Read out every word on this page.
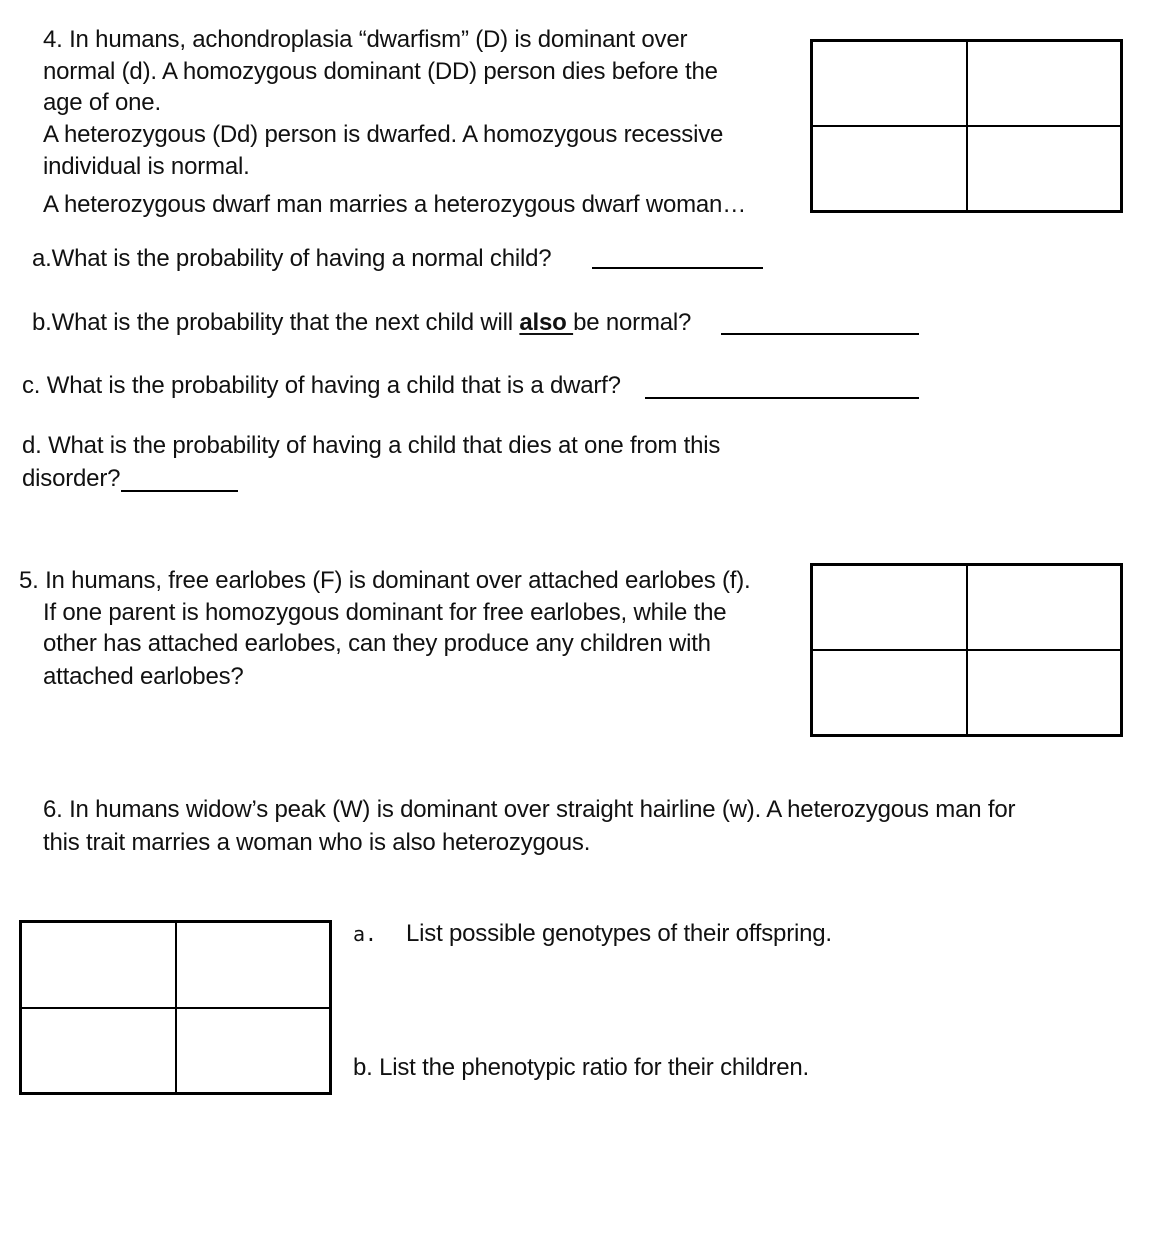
4. In humans, achondroplasia “dwarfism” (D) is dominant over
normal (d). A homozygous dominant (DD) person dies before the
age of one.
A heterozygous (Dd) person is dwarfed. A homozygous recessive
individual is normal.
A heterozygous dwarf man marries a heterozygous dwarf woman…
a.What is the probability of having a normal child?
b.What is the probability that the next child will also be normal?
c. What is the probability of having a child that is a dwarf?
d. What is the probability of having a child that dies at one from this
disorder?
5. In humans, free earlobes (F) is dominant over attached earlobes (f).
If one parent is homozygous dominant for free earlobes, while the
other has attached earlobes, can they produce any children with
attached earlobes?
6. In humans widow’s peak (W) is dominant over straight hairline (w). A heterozygous man for
this trait marries a woman who is also heterozygous.
a. List possible genotypes of their offspring.
b. List the phenotypic ratio for their children.
